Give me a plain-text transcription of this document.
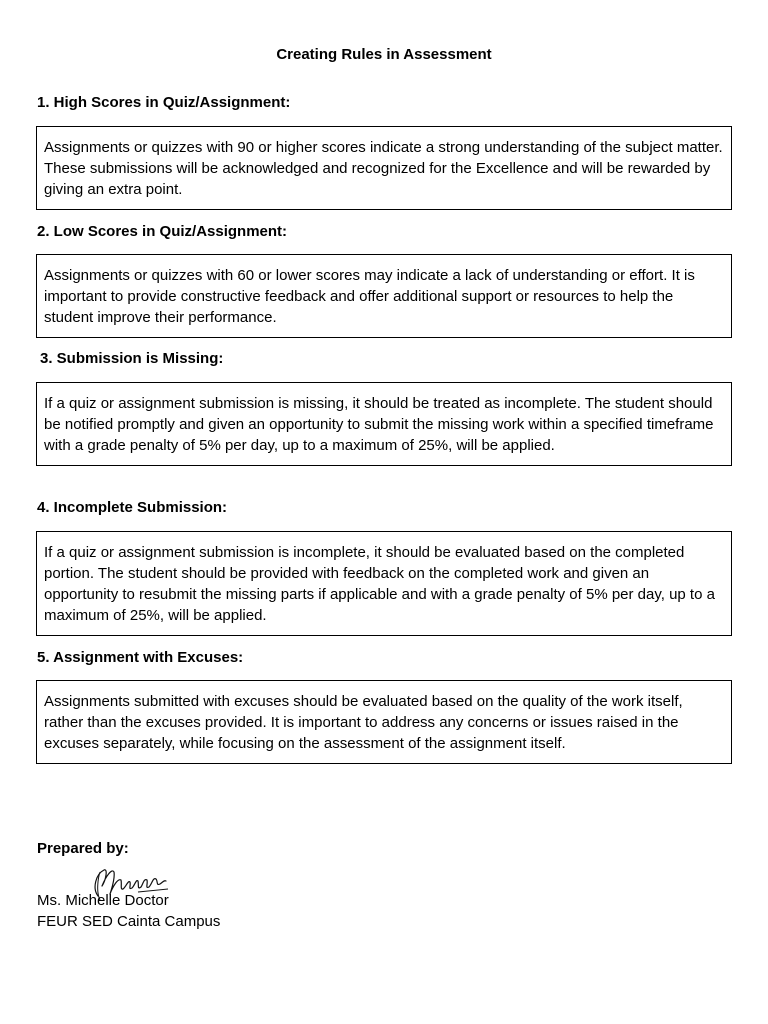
Creating Rules in Assessment
1. High Scores in Quiz/Assignment:
Assignments or quizzes with 90 or higher scores indicate a strong understanding of the subject matter. These submissions will be acknowledged and recognized for the Excellence and will be rewarded by giving an extra point.
2. Low Scores in Quiz/Assignment:
Assignments or quizzes with 60 or lower scores may indicate a lack of understanding or effort. It is important to provide constructive feedback and offer additional support or resources to help the student improve their performance.
3. Submission is Missing:
If a quiz or assignment submission is missing, it should be treated as incomplete. The student should be notified promptly and given an opportunity to submit the missing work within a specified timeframe with a grade penalty of 5% per day, up to a maximum of 25%, will be applied.
4. Incomplete Submission:
If a quiz or assignment submission is incomplete, it should be evaluated based on the completed portion. The student should be provided with feedback on the completed work and given an opportunity to resubmit the missing parts if applicable and with a grade penalty of 5% per day, up to a maximum of 25%, will be applied.
5. Assignment with Excuses:
Assignments submitted with excuses should be evaluated based on the quality of the work itself, rather than the excuses provided. It is important to address any concerns or issues raised in the excuses separately, while focusing on the assessment of the assignment itself.
Prepared by:
Ms. Michelle Doctor
FEUR SED Cainta Campus
